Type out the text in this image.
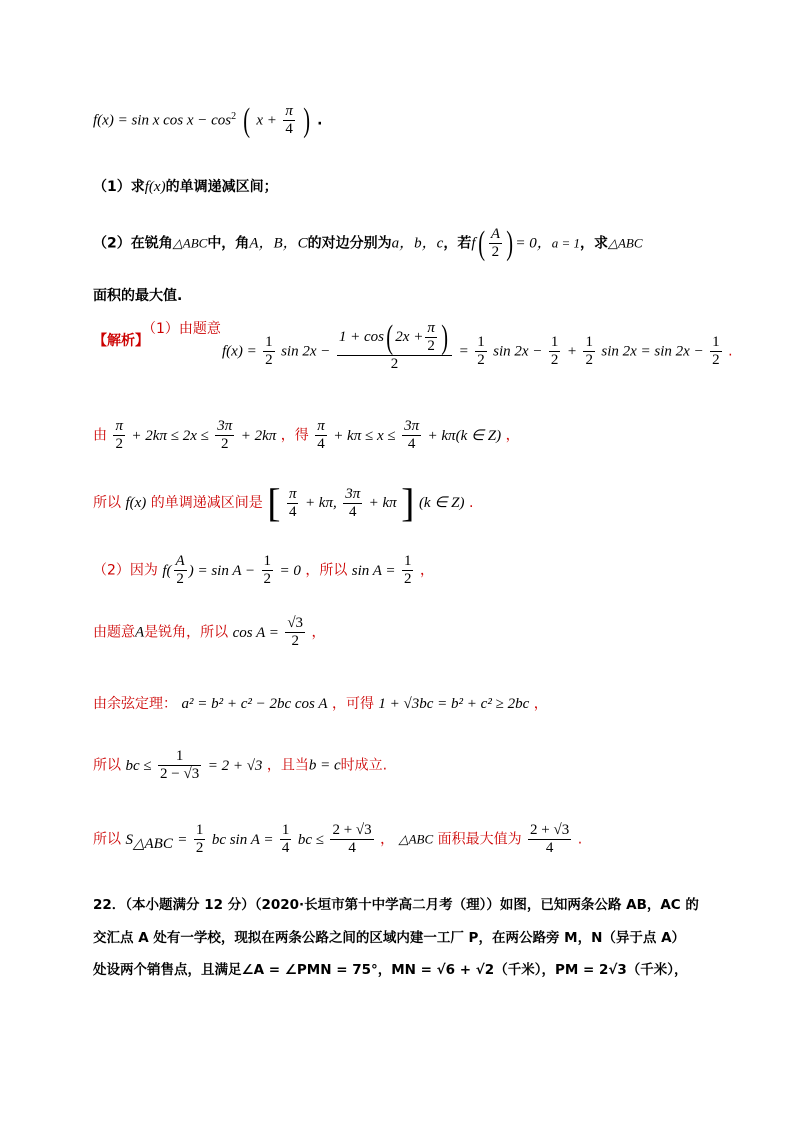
f(x) = sin x $\cos x - \cos^2$ ( $x + \frac{\pi}{4}$ ) .
（1）求f(x)的单调递减区间；
（2）在锐角△ABC中，角A，B，C的对边分别为a，b，c，若$f( \frac{A}{2}$ ) = 0，a = 1，求△ABC
面积的最大值.
【解析】（1）由题意
$f(x) = \frac{1}{2}$ $\sin 2x - \frac{1 + \cos( 2x + \frac{\pi}{2} )}{2} = \frac{1}{2}$ $\sin 2x - \frac{1}{2} + \frac{1}{2}$ $\sin 2x = \sin 2x - \frac{1}{2}$ .
由 $\frac{\pi}{2} + 2k\pi \le 2x \le \frac{3\pi}{2} + 2k\pi$ ，得 $\frac{\pi}{4} + k\pi \le x \le \frac{3\pi}{4} + k\pi(k$ ∈ Z) ，
所以 f(x) 的单调递减区间是 [ $\frac{\pi}{4} + k\pi$, $\frac{3\pi}{4} + k\pi$ ] (k ∈ Z) .
（2）因为 $f( \frac{A}{2}$ ) = $\sin A - \frac{1}{2} = 0$ ，所以 $\sin A = \frac{1}{2}$ ，
由题意A是锐角，所以 $\cos A = \frac{√3}{2}$ ，
由余弦定理： a² = b² + c² − 2bc cos A ，可得 1 + √3bc = b² + c² ≥ 2bc ，
所以 bc ≤ $\frac{1}{2 - √3} = 2 + √3$ ，且当b = c时成立.
所以 $S_{\triangle ABC} = \frac{1}{2}$ bc $\sin A = \frac{1}{4}$ bc ≤ $\frac{2 + √3}{4}$ ， △ABC 面积最大值为 $\frac{2 + √3}{4}$ .
22．（本小题满分 12 分）（2020·长垣市第十中学高二月考（理））如图，已知两条公路 AB，AC 的
交汇点 A 处有一学校，现拟在两条公路之间的区域内建一工厂 P，在两公路旁 M，N（异于点 A）
处设两个销售点，且满足∠A = ∠PMN = 75°，MN = √6 + √2（千米），PM = 2√3（千米），
